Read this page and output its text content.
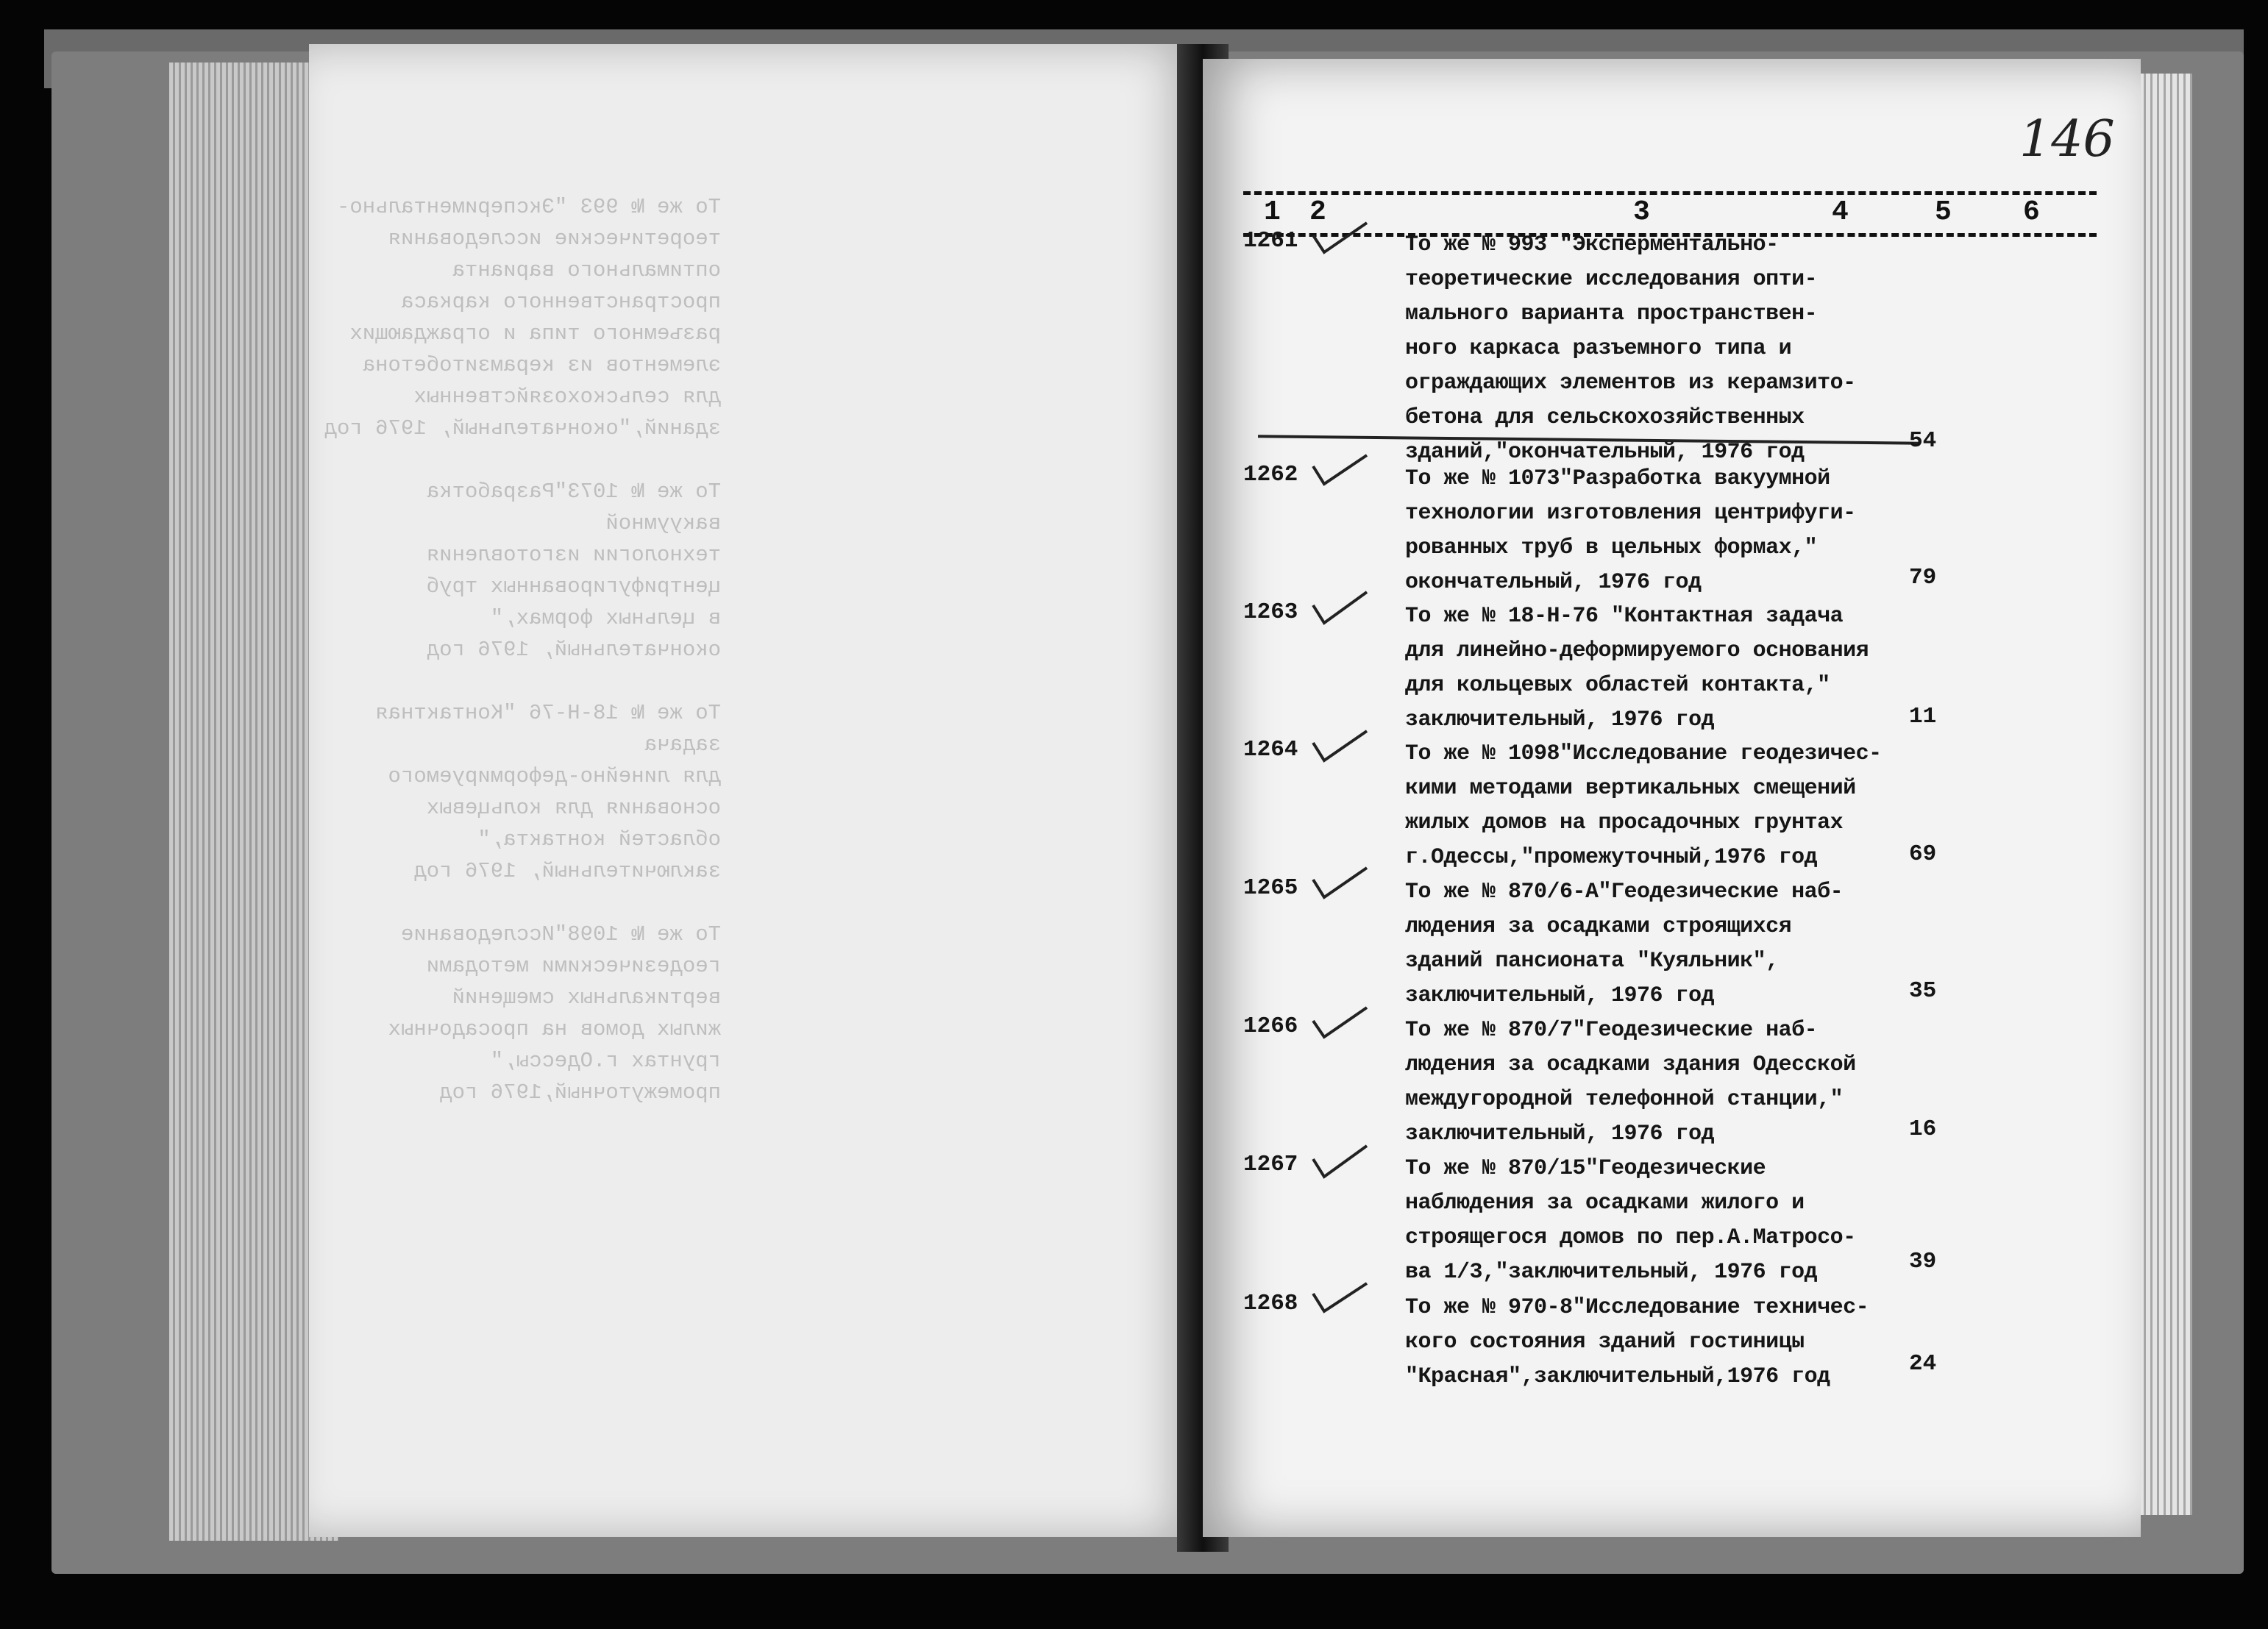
То же № 993 "Экспериментально-
теоретические исследования
оптимального варианта
пространственного каркаса
разъемного типа и ограждающих
элементов из керамзитобетона
для сельскохозяйственных
зданий,"окончательный, 1976 год

То же № 1073"Разработка вакуумной
технологии изготовления
центрифугированных труб
в цельных формах,"
окончательный, 1976 год

То же № 18-Н-76 "Контактная задача
для линейно-деформируемого
основания для кольцевых
областей контакта,"
заключительный, 1976 год

То же № 1098"Исследование
геодезическими методами
вертикальных смещений
жилых домов на просадочных
грунтах г.Одессы,"
промежуточный,1976 год
146
1 2	3	4	5	6
1261	То же № 993 "Эксперментально-
теоретические исследования опти-
мального варианта пространствен-
ного каркаса разъемного типа и
ограждающих элементов из керамзито-
бетона для сельскохозяйственных
зданий,"окончательный, 1976 год	54
1262	То же № 1073"Разработка вакуумной
технологии изготовления центрифуги-
рованных труб в цельных формах,"
окончательный, 1976 год	79
1263	То же № 18-Н-76 "Контактная задача
для линейно-деформируемого основания
для кольцевых областей контакта,"
заключительный, 1976 год	11
1264	То же № 1098"Исследование геодезичес-
кими методами вертикальных смещений
жилых домов на просадочных грунтах
г.Одессы,"промежуточный,1976 год	69
1265	То же № 870/6-А"Геодезические наб-
людения за осадками строящихся
зданий пансионата "Куяльник",
заключительный, 1976 год	35
1266	То же № 870/7"Геодезические наб-
людения за осадками здания Одесской
междугородной телефонной станции,"
заключительный, 1976 год	16
1267	То же № 870/15"Геодезические
наблюдения за осадками жилого и
строящегося домов по пер.А.Матросо-
ва 1/3,"заключительный, 1976 год	39
1268	То же № 970-8"Исследование техничес-
кого состояния зданий гостиницы
"Красная",заключительный,1976 год	24
